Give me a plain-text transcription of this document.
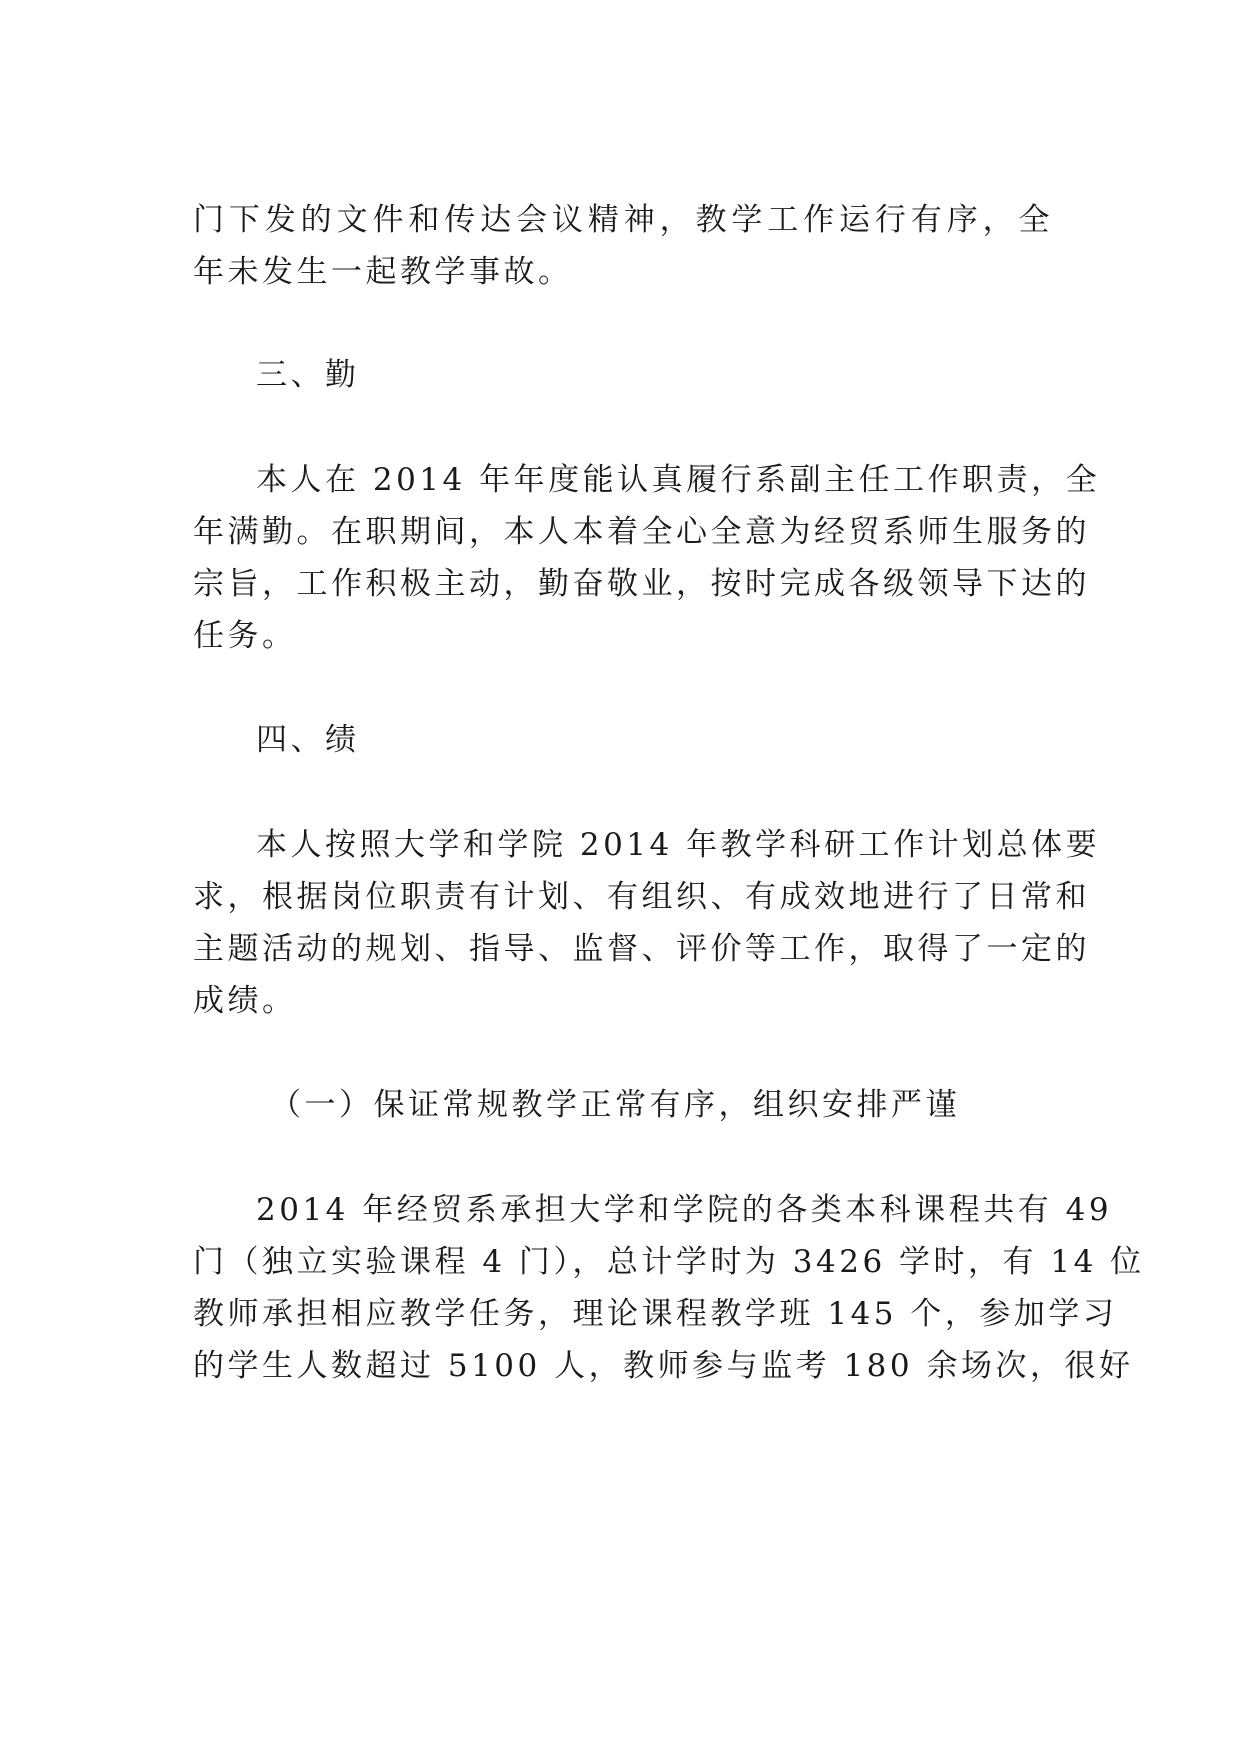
门下发的文件和传达会议精神，教学工作运行有序，全
年未发生一起教学事故。
三、勤
本人在 2014 年年度能认真履行系副主任工作职责，全
年满勤。在职期间，本人本着全心全意为经贸系师生服务的
宗旨，工作积极主动，勤奋敬业，按时完成各级领导下达的
任务。
四、绩
本人按照大学和学院 2014 年教学科研工作计划总体要
求，根据岗位职责有计划、有组织、有成效地进行了日常和
主题活动的规划、指导、监督、评价等工作，取得了一定的
成绩。
（一）保证常规教学正常有序，组织安排严谨
2014 年经贸系承担大学和学院的各类本科课程共有 49
门（独立实验课程 4 门），总计学时为 3426 学时，有 14 位
教师承担相应教学任务，理论课程教学班 145 个，参加学习
的学生人数超过 5100 人，教师参与监考 180 余场次，很好
